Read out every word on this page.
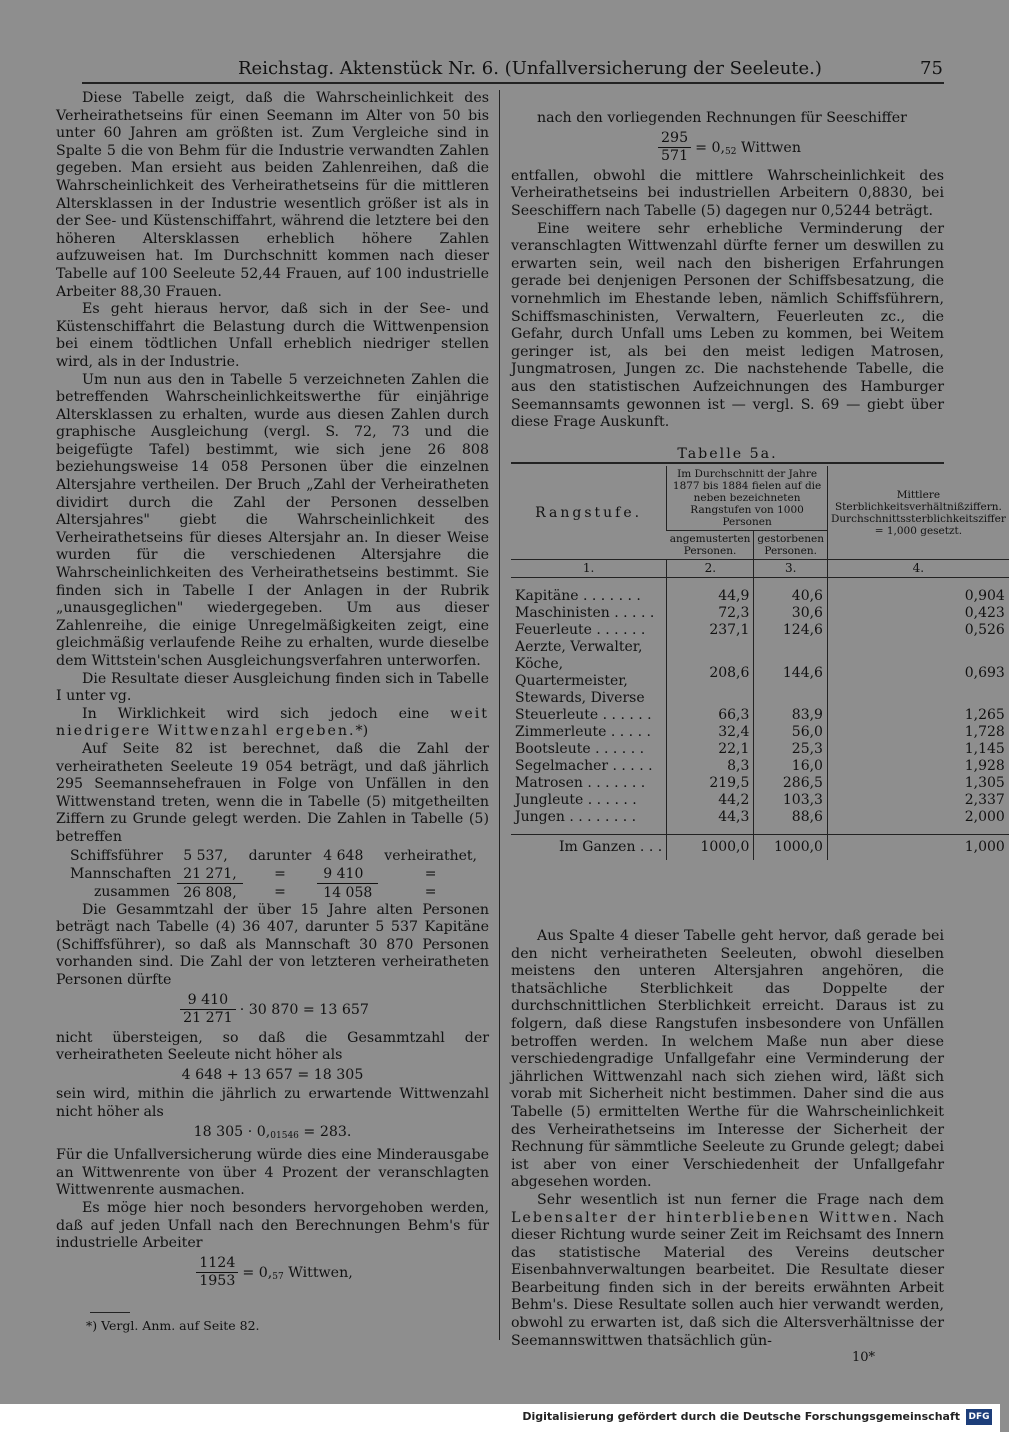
Reichstag. Aktenstück Nr. 6. (Unfallversicherung der Seeleute.)	75

Diese Tabelle zeigt, daß die Wahrscheinlichkeit des Verheirathetseins für einen Seemann im Alter von 50 bis unter 60 Jahren am größten ist. Zum Vergleiche sind in Spalte 5 die von Behm für die Industrie verwandten Zahlen gegeben. Man ersieht aus beiden Zahlenreihen, daß die Wahrscheinlichkeit des Verheirathetseins für die mittleren Altersklassen in der Industrie wesentlich größer ist als in der See- und Küstenschiffahrt, während die letztere bei den höheren Altersklassen erheblich höhere Zahlen aufzuweisen hat. Im Durchschnitt kommen nach dieser Tabelle auf 100 Seeleute 52,44 Frauen, auf 100 industrielle Arbeiter 88,30 Frauen.

Es geht hieraus hervor, daß sich in der See- und Küstenschiffahrt die Belastung durch die Wittwenpension bei einem tödtlichen Unfall erheblich niedriger stellen wird, als in der Industrie.

Um nun aus den in Tabelle 5 verzeichneten Zahlen die betreffenden Wahrscheinlichkeitswerthe für einjährige Altersklassen zu erhalten, wurde aus diesen Zahlen durch graphische Ausgleichung (vergl. S. 72, 73 und die beigefügte Tafel) bestimmt, wie sich jene 26 808 beziehungsweise 14 058 Personen über die einzelnen Altersjahre vertheilen. Der Bruch „Zahl der Verheiratheten dividirt durch die Zahl der Personen desselben Altersjahres" giebt die Wahrscheinlichkeit des Verheirathetseins für dieses Altersjahr an. In dieser Weise wurden für die verschiedenen Altersjahre die Wahrscheinlichkeiten des Verheirathetseins bestimmt. Sie finden sich in Tabelle I der Anlagen in der Rubrik „unausgeglichen" wiedergegeben. Um aus dieser Zahlenreihe, die einige Unregelmäßigkeiten zeigt, eine gleichmäßig verlaufende Reihe zu erhalten, wurde dieselbe dem Wittstein'schen Ausgleichungsverfahren unterworfen.

Die Resultate dieser Ausgleichung finden sich in Tabelle I unter vg.

In Wirklichkeit wird sich jedoch eine weit niedrigere Wittwenzahl ergeben.*)

Auf Seite 82 ist berechnet, daß die Zahl der verheiratheten Seeleute 19 054 beträgt, und daß jährlich 295 Seemannsehefrauen in Folge von Unfällen in den Wittwenstand treten, wenn die in Tabelle (5) mitgetheilten Ziffern zu Grunde gelegt werden. Die Zahlen in Tabelle (5) betreffen

Schiffsführer	5 537,	darunter	4 648	verheirathet,
Mannschaften	21 271,	=	9 410	=
zusammen	26 808,	=	14 058	=

Die Gesammtzahl der über 15 Jahre alten Personen beträgt nach Tabelle (4) 36 407, darunter 5 537 Kapitäne (Schiffsführer), so daß als Mannschaft 30 870 Personen vorhanden sind. Die Zahl der von letzteren verheiratheten Personen dürfte

$\frac{9 410}{21 271} \cdot 30$ 870 = 13 657

nicht übersteigen, so daß die Gesammtzahl der verheiratheten Seeleute nicht höher als

4 648 + 13 657 = 18 305

sein wird, mithin die jährlich zu erwartende Wittwenzahl nicht höher als

18 $305 \cdot 0,_{01546} = 283$.

Für die Unfallversicherung würde dies eine Minderausgabe an Wittwenrente von über 4 Prozent der veranschlagten Wittwenrente ausmachen.

Es möge hier noch besonders hervorgehoben werden, daß auf jeden Unfall nach den Berechnungen Behm's für industrielle Arbeiter

$\frac{1124}{1953} = 0,_{57}$ Wittwen,
*) Vergl. Anm. auf Seite 82.

nach den vorliegenden Rechnungen für Seeschiffer

$\frac{295}{571} = 0,_{52}$ Wittwen

entfallen, obwohl die mittlere Wahrscheinlichkeit des Verheirathetseins bei industriellen Arbeitern 0,8830, bei Seeschiffern nach Tabelle (5) dagegen nur 0,5244 beträgt.

Eine weitere sehr erhebliche Verminderung der veranschlagten Wittwenzahl dürfte ferner um deswillen zu erwarten sein, weil nach den bisherigen Erfahrungen gerade bei denjenigen Personen der Schiffsbesatzung, die vornehmlich im Ehestande leben, nämlich Schiffsführern, Schiffsmaschinisten, Verwaltern, Feuerleuten zc., die Gefahr, durch Unfall ums Leben zu kommen, bei Weitem geringer ist, als bei den meist ledigen Matrosen, Jungmatrosen, Jungen zc. Die nachstehende Tabelle, die aus den statistischen Aufzeichnungen des Hamburger Seemannsamts gewonnen ist — vergl. S. 69 — giebt über diese Frage Auskunft.

Tabelle 5a.
Rangstufe.	Im Durchschnitt der Jahre 1877 bis 1884 fielen auf die neben bezeichneten Rangstufen von 1000 Personen		Mittlere Sterblichkeitsverhältnißziffern. Durchschnittssterblichkeitsziffer = 1,000 gesetzt.
	angemusterten Personen.	gestorbenen Personen.	
1.	2.	3.	4.
Kapitäne . . . . . . .	44,9	40,6	0,904
Maschinisten . . . . .	72,3	30,6	0,423
Feuerleute . . . . . .	237,1	124,6	0,526
Aerzte, Verwalter, Köche, Quartermeister, Stewards, Diverse	208,6	144,6	0,693
Steuerleute . . . . . .	66,3	83,9	1,265
Zimmerleute . . . . .	32,4	56,0	1,728
Bootsleute . . . . . .	22,1	25,3	1,145
Segelmacher . . . . .	8,3	16,0	1,928
Matrosen . . . . . . .	219,5	286,5	1,305
Jungleute . . . . . .	44,2	103,3	2,337
Jungen . . . . . . . .	44,3	88,6	2,000
Im Ganzen . . .	1000,0	1000,0	1,000

Aus Spalte 4 dieser Tabelle geht hervor, daß gerade bei den nicht verheiratheten Seeleuten, obwohl dieselben meistens den unteren Altersjahren angehören, die thatsächliche Sterblichkeit das Doppelte der durchschnittlichen Sterblichkeit erreicht. Daraus ist zu folgern, daß diese Rangstufen insbesondere von Unfällen betroffen werden. In welchem Maße nun aber diese verschiedengradige Unfallgefahr eine Verminderung der jährlichen Wittwenzahl nach sich ziehen wird, läßt sich vorab mit Sicherheit nicht bestimmen. Daher sind die aus Tabelle (5) ermittelten Werthe für die Wahrscheinlichkeit des Verheirathetseins im Interesse der Sicherheit der Rechnung für sämmtliche Seeleute zu Grunde gelegt; dabei ist aber von einer Verschiedenheit der Unfallgefahr abgesehen worden.

Sehr wesentlich ist nun ferner die Frage nach dem Lebensalter der hinterbliebenen Wittwen. Nach dieser Richtung wurde seiner Zeit im Reichsamt des Innern das statistische Material des Vereins deutscher Eisenbahnverwaltungen bearbeitet. Die Resultate dieser Bearbeitung finden sich in der bereits erwähnten Arbeit Behm's. Diese Resultate sollen auch hier verwandt werden, obwohl zu erwarten ist, daß sich die Altersverhältnisse der Seemannswittwen thatsächlich gün-

10*
Digitalisierung gefördert durch die Deutsche Forschungsgemeinschaft DFG
